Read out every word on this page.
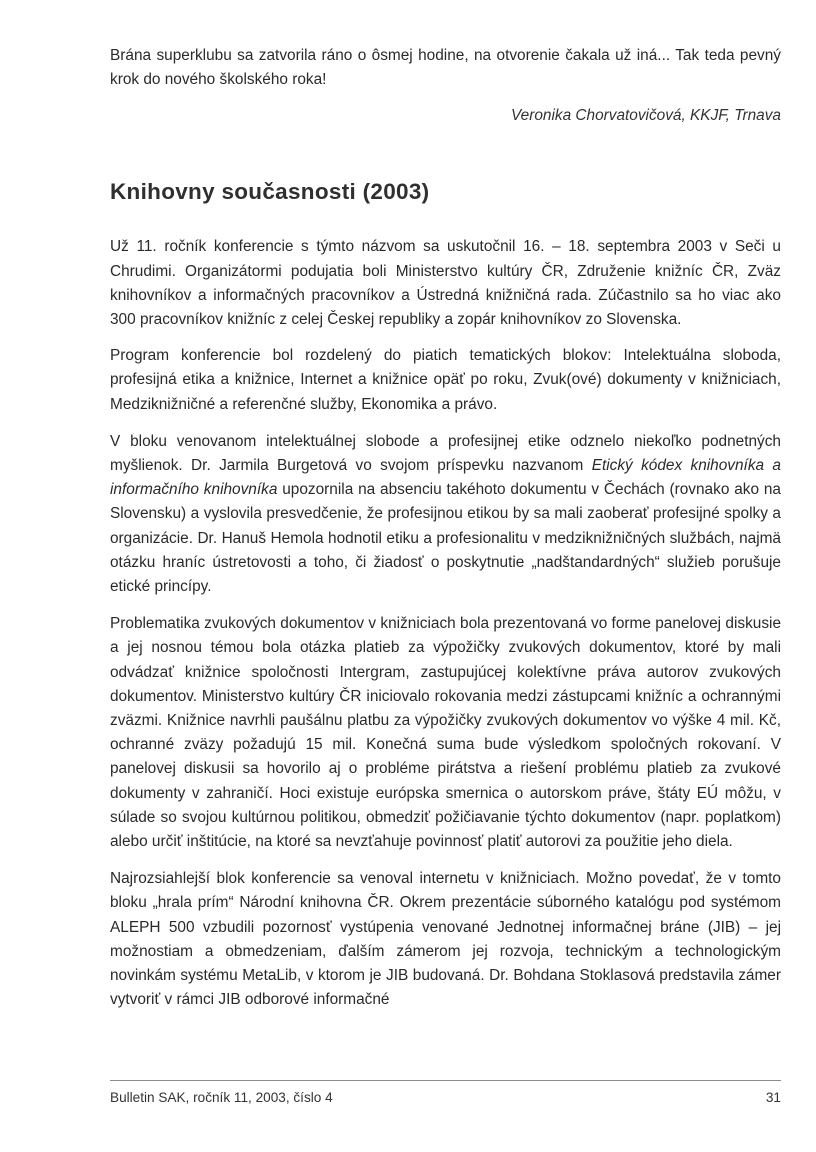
Brána superklubu sa zatvorila ráno o ôsmej hodine, na otvorenie čakala už iná... Tak teda pevný krok do nového školského roka!

Veronika Chorvatovičová, KKJF, Trnava

Knihovny současnosti (2003)

Už 11. ročník konferencie s týmto názvom sa uskutočnil 16. – 18. septembra 2003 v Seči u Chrudimi. Organizátormi podujatia boli Ministerstvo kultúry ČR, Združenie knižníc ČR, Zväz knihovníkov a informačných pracovníkov a Ústredná knižničná rada. Zúčastnilo sa ho viac ako 300 pracovníkov knižníc z celej Českej republiky a zopár knihovníkov zo Slovenska.

Program konferencie bol rozdelený do piatich tematických blokov: Intelektuálna sloboda, profesijná etika a knižnice, Internet a knižnice opäť po roku, Zvuk(ové) dokumenty v knižniciach, Medziknižničné a referenčné služby, Ekonomika a právo.

V bloku venovanom intelektuálnej slobode a profesijnej etike odznelo niekoľko podnetných myšlienok. Dr. Jarmila Burgetová vo svojom príspevku nazvanom Etický kódex knihovníka a informačního knihovníka upozornila na absenciu takéhoto dokumentu v Čechách (rovnako ako na Slovensku) a vyslovila presvedčenie, že profesijnou etikou by sa mali zaoberať profesijné spolky a organizácie. Dr. Hanuš Hemola hodnotil etiku a profesionalitu v medziknižničných službách, najmä otázku hraníc ústretovosti a toho, či žiadosť o poskytnutie „nadštandardných“ služieb porušuje etické princípy.

Problematika zvukových dokumentov v knižniciach bola prezentovaná vo forme panelovej diskusie a jej nosnou témou bola otázka platieb za výpožičky zvukových dokumentov, ktoré by mali odvádzať knižnice spoločnosti Intergram, zastupujúcej kolektívne práva autorov zvukových dokumentov. Ministerstvo kultúry ČR iniciovalo rokovania medzi zástupcami knižníc a ochrannými zväzmi. Knižnice navrhli paušálnu platbu za výpožičky zvukových dokumentov vo výške 4 mil. Kč, ochranné zväzy požadujú 15 mil. Konečná suma bude výsledkom spoločných rokovaní. V panelovej diskusii sa hovorilo aj o probléme pirátstva a riešení problému platieb za zvukové dokumenty v zahraničí. Hoci existuje európska smernica o autorskom práve, štáty EÚ môžu, v súlade so svojou kultúrnou politikou, obmedziť požičiavanie týchto dokumentov (napr. poplatkom) alebo určiť inštitúcie, na ktoré sa nevzťahuje povinnosť platiť autorovi za použitie jeho diela.

Najrozsiahlejší blok konferencie sa venoval internetu v knižniciach. Možno povedať, že v tomto bloku „hrala prím“ Národní knihovna ČR. Okrem prezentácie súborného katalógu pod systémom ALEPH 500 vzbudili pozornosť vystúpenia venované Jednotnej informačnej bráne (JIB) – jej možnostiam a obmedzeniam, ďalším zámerom jej rozvoja, technickým a technologickým novinkám systému MetaLib, v ktorom je JIB budovaná. Dr. Bohdana Stoklasová predstavila zámer vytvoriť v rámci JIB odborové informačné

Bulletin SAK, ročník 11, 2003, číslo 4	31
